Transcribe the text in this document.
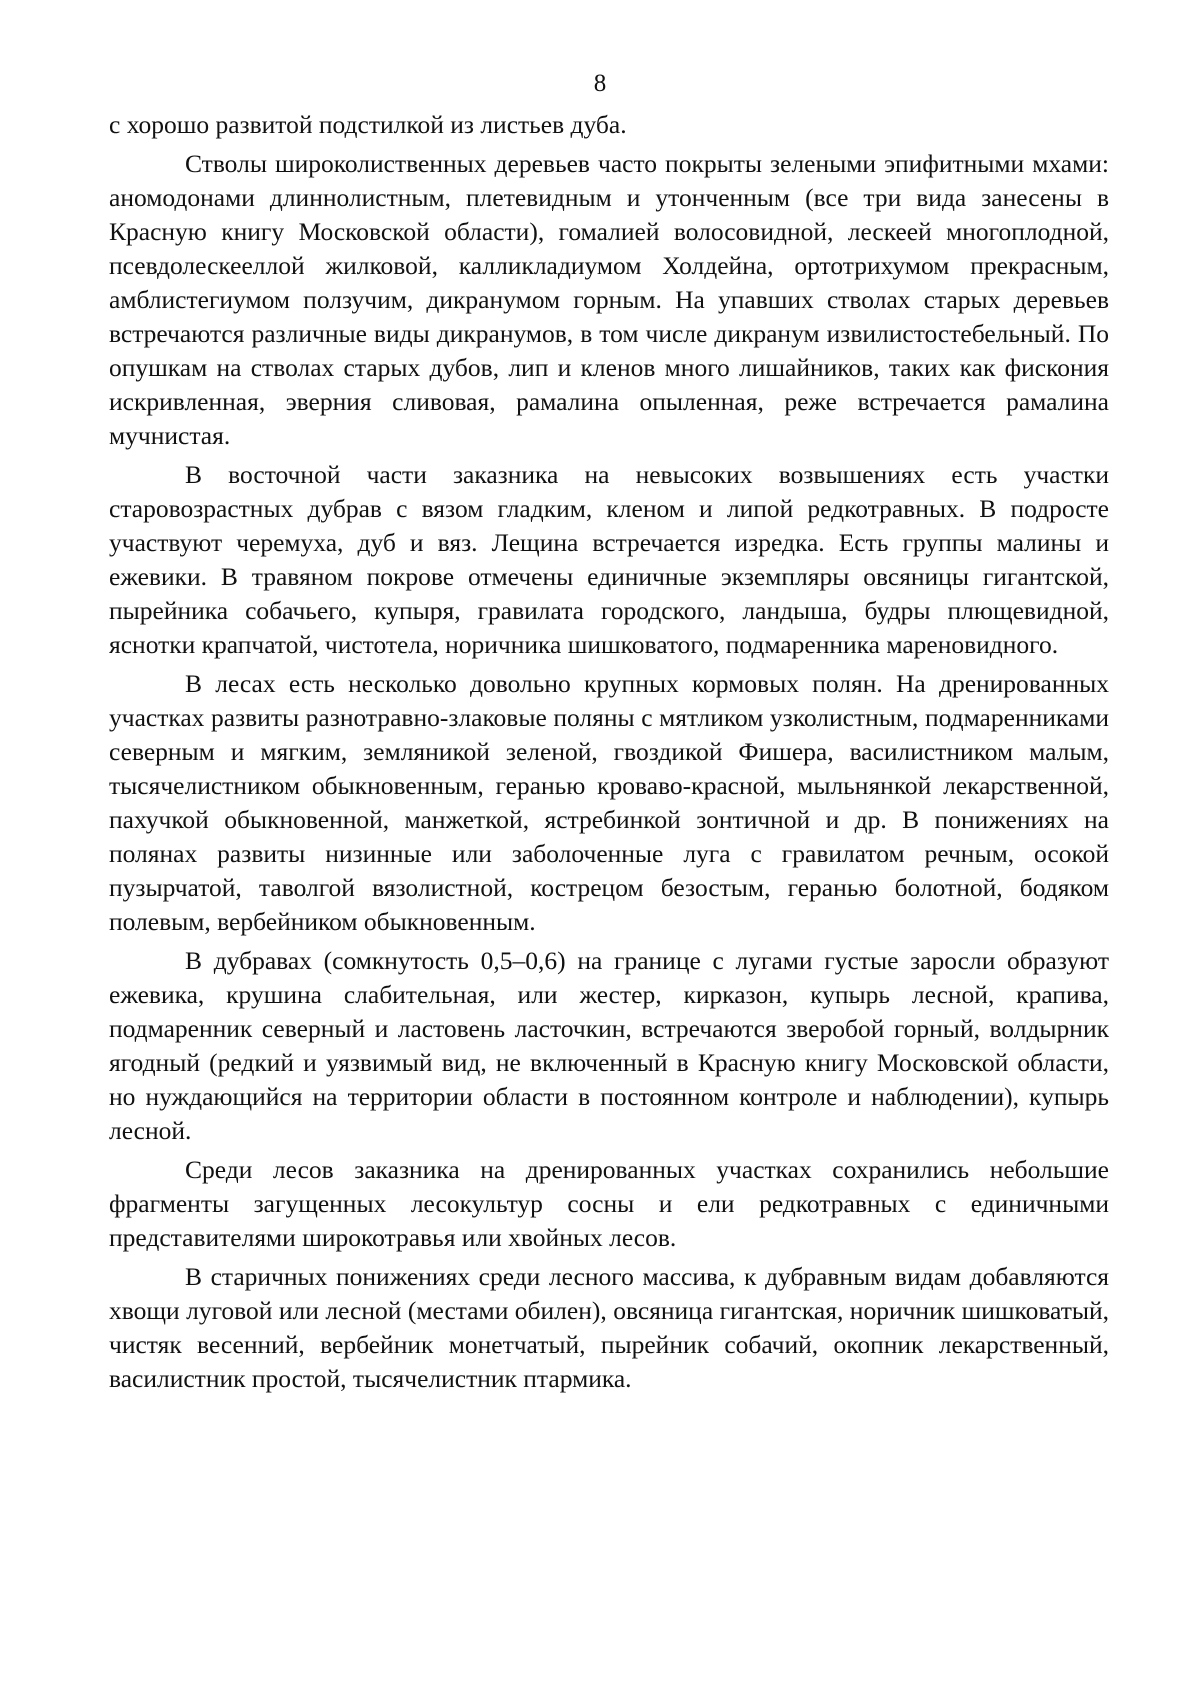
8

с хорошо развитой подстилкой из листьев дуба.

Стволы широколиственных деревьев часто покрыты зелеными эпифитными мхами: аномодонами длиннолистным, плетевидным и утонченным (все три вида занесены в Красную книгу Московской области), гомалией волосовидной, лескеей многоплодной, псевдолескееллой жилковой, калликладиумом Холдейна, ортотрихумом прекрасным, амблистегиумом ползучим, дикранумом горным. На упавших стволах старых деревьев встречаются различные виды дикранумов, в том числе дикранум извилистостебельный. По опушкам на стволах старых дубов, лип и кленов много лишайников, таких как фискония искривленная, эверния сливовая, рамалина опыленная, реже встречается рамалина мучнистая.

В восточной части заказника на невысоких возвышениях есть участки старовозрастных дубрав с вязом гладким, кленом и липой редкотравных. В подросте участвуют черемуха, дуб и вяз. Лещина встречается изредка. Есть группы малины и ежевики. В травяном покрове отмечены единичные экземпляры овсяницы гигантской, пырейника собачьего, купыря, гравилата городского, ландыша, будры плющевидной, яснотки крапчатой, чистотела, норичника шишковатого, подмаренника мареновидного.

В лесах есть несколько довольно крупных кормовых полян. На дренированных участках развиты разнотравно-злаковые поляны с мятликом узколистным, подмаренниками северным и мягким, земляникой зеленой, гвоздикой Фишера, василистником малым, тысячелистником обыкновенным, геранью кроваво-красной, мыльнянкой лекарственной, пахучкой обыкновенной, манжеткой, ястребинкой зонтичной и др. В понижениях на полянах развиты низинные или заболоченные луга с гравилатом речным, осокой пузырчатой, таволгой вязолистной, кострецом безостым, геранью болотной, бодяком полевым, вербейником обыкновенным.

В дубравах (сомкнутость 0,5–0,6) на границе с лугами густые заросли образуют ежевика, крушина слабительная, или жестер, кирказон, купырь лесной, крапива, подмаренник северный и ластовень ласточкин, встречаются зверобой горный, волдырник ягодный (редкий и уязвимый вид, не включенный в Красную книгу Московской области, но нуждающийся на территории области в постоянном контроле и наблюдении), купырь лесной.

Среди лесов заказника на дренированных участках сохранились небольшие фрагменты загущенных лесокультур сосны и ели редкотравных с единичными представителями широкотравья или хвойных лесов.

В старичных понижениях среди лесного массива, к дубравным видам добавляются хвощи луговой или лесной (местами обилен), овсяница гигантская, норичник шишковатый, чистяк весенний, вербейник монетчатый, пырейник собачий, окопник лекарственный, василистник простой, тысячелистник птармика.
